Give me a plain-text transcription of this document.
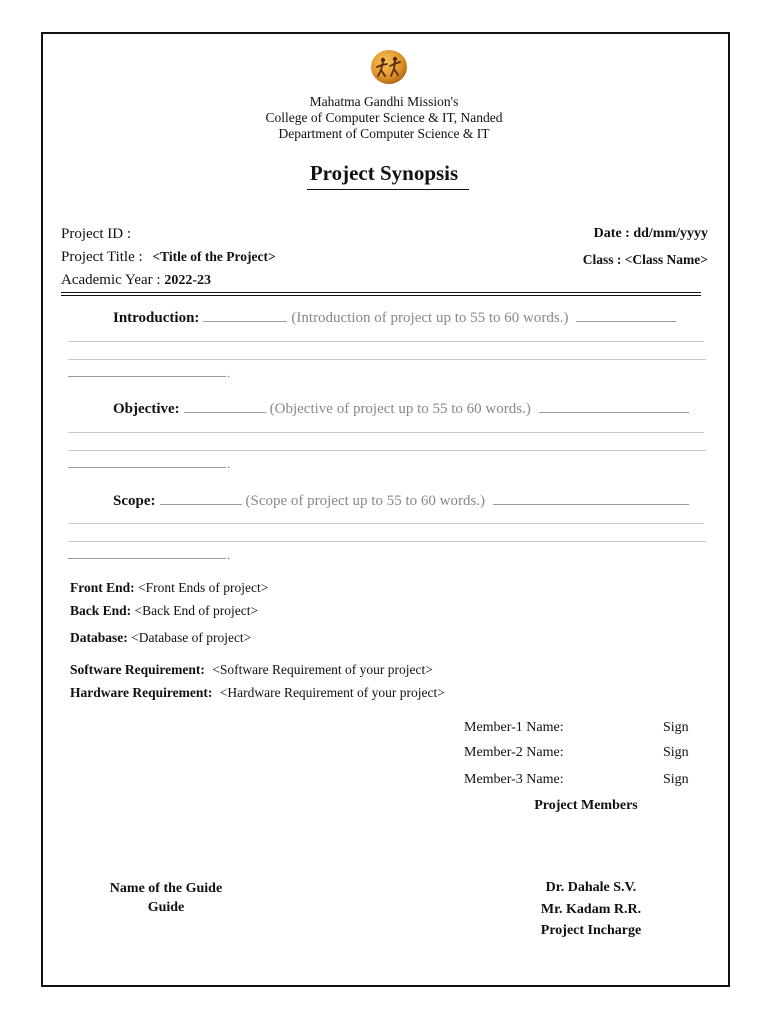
Mahatma Gandhi Mission's
College of Computer Science & IT, Nanded
Department of Computer Science & IT
Project Synopsis
Project ID :
Project Title : <Title of the Project>
Academic Year : 2022-23
Date : dd/mm/yyyy
Class : <Class Name>
Introduction:	(Introduction of project up to 55 to 60 words.)
.
Objective:	(Objective of project up to 55 to 60 words.)
.
Scope:	(Scope of project up to 55 to 60 words.)
.
Front End: <Front Ends of project>
Back End: <Back End of project>
Database: <Database of project>
Software Requirement: <Software Requirement of your project>
Hardware Requirement: <Hardware Requirement of your project>
Member-1 Name:	Sign
Member-2 Name:	Sign
Member-3 Name:	Sign
Project Members
Name of the Guide
Guide
Dr. Dahale S.V.
Mr. Kadam R.R.
Project Incharge
